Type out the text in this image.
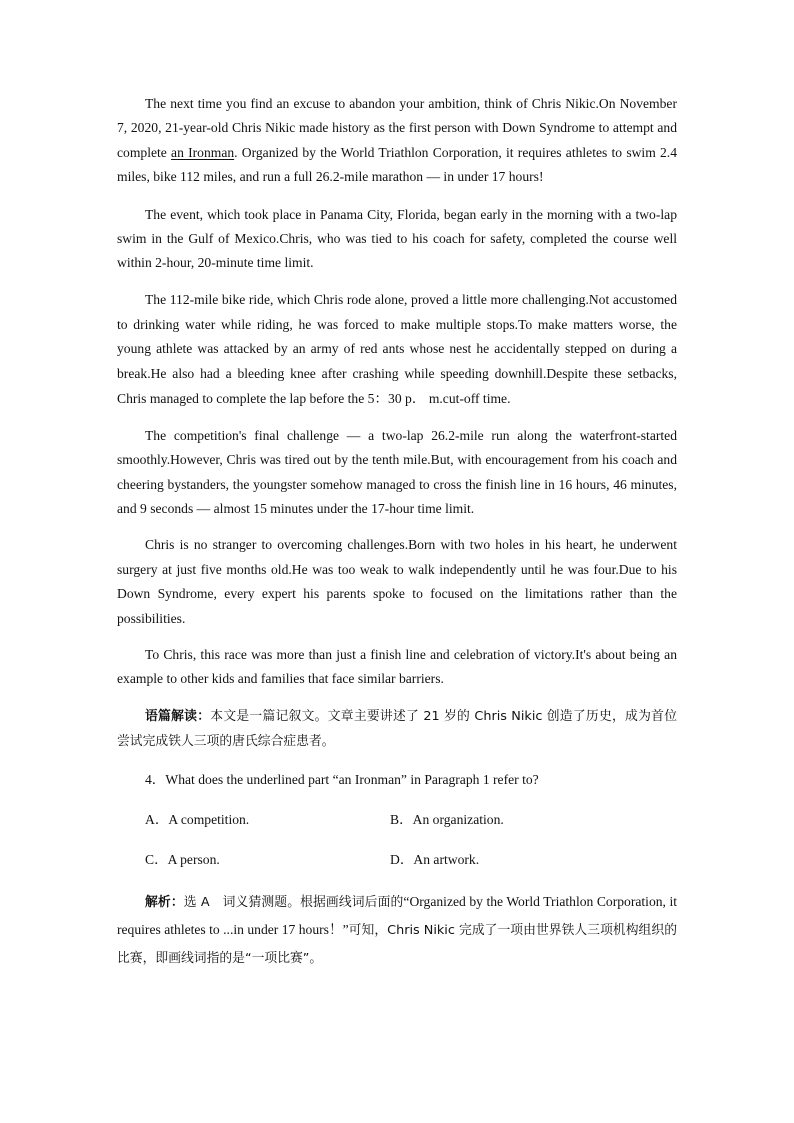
The next time you find an excuse to abandon your ambition, think of Chris Nikic.On November 7, 2020, 21-year-old Chris Nikic made history as the first person with Down Syndrome to attempt and complete an Ironman. Organized by the World Triathlon Corporation, it requires athletes to swim 2.4 miles, bike 112 miles, and run a full 26.2-mile marathon — in under 17 hours!

The event, which took place in Panama City, Florida, began early in the morning with a two-lap swim in the Gulf of Mexico.Chris, who was tied to his coach for safety, completed the course well within 2-hour, 20-minute time limit.

The 112-mile bike ride, which Chris rode alone, proved a little more challenging.Not accustomed to drinking water while riding, he was forced to make multiple stops.To make matters worse, the young athlete was attacked by an army of red ants whose nest he accidentally stepped on during a break.He also had a bleeding knee after crashing while speeding downhill.Despite these setbacks, Chris managed to complete the lap before the 5：30 p． m.cut-off time.

The competition's final challenge — a two-lap 26.2-mile run along the waterfront-started smoothly.However, Chris was tired out by the tenth mile.But, with encouragement from his coach and cheering bystanders, the youngster somehow managed to cross the finish line in 16 hours, 46 minutes, and 9 seconds — almost 15 minutes under the 17-hour time limit.

Chris is no stranger to overcoming challenges.Born with two holes in his heart, he underwent surgery at just five months old.He was too weak to walk independently until he was four.Due to his Down Syndrome, every expert his parents spoke to focused on the limitations rather than the possibilities.

To Chris, this race was more than just a finish line and celebration of victory.It's about being an example to other kids and families that face similar barriers.

语篇解读：本文是一篇记叙文。文章主要讲述了 21 岁的 Chris Nikic 创造了历史，成为首位尝试完成铁人三项的唐氏综合症患者。

4．What does the underlined part “an Ironman” in Paragraph 1 refer to?

A．A competition.	B．An organization.
C．A person.	D．An artwork.

解析：选 A　词义猜测题。根据画线词后面的“Organized by the World Triathlon Corporation, it requires athletes to ...in under 17 hours！”可知，Chris Nikic 完成了一项由世界铁人三项机构组织的比赛，即画线词指的是“一项比赛”。
